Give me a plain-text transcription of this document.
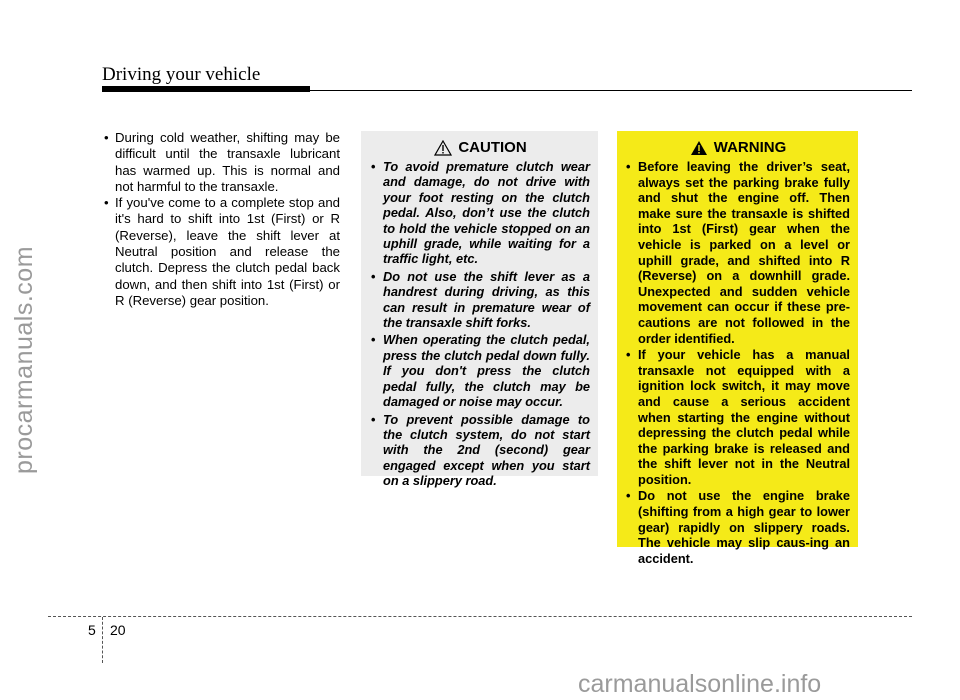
Driving your vehicle
procarmanuals.com
• During cold weather, shifting may be difficult until the transaxle lubricant has warmed up. This is normal and not harmful to the transaxle.
• If you've come to a complete stop and it's hard to shift into 1st (First) or R (Reverse), leave the shift lever at Neutral position and release the clutch. Depress the clutch pedal back down, and then shift into 1st (First) or R (Reverse) gear position.
CAUTION
• To avoid premature clutch wear and damage, do not drive with your foot resting on the clutch pedal. Also, don’t use the clutch to hold the vehicle stopped on an uphill grade, while waiting for a traffic light, etc.
• Do not use the shift lever as a handrest during driving, as this can result in premature wear of the transaxle shift forks.
• When operating the clutch pedal, press the clutch pedal down fully. If you don't press the clutch pedal fully, the clutch may be damaged or noise may occur.
• To prevent possible damage to the clutch system, do not start with the 2nd (second) gear engaged except when you start on a slippery road.
WARNING
• Before leaving the driver’s seat, always set the parking brake fully and shut the engine off. Then make sure the transaxle is shifted into 1st (First) gear when the vehicle is parked on a level or uphill grade, and shifted into R (Reverse) on a downhill grade. Unexpected and sudden vehicle movement can occur if these pre-cautions are not followed in the order identified.
• If your vehicle has a manual transaxle not equipped with a ignition lock switch, it may move and cause a serious accident when starting the engine without depressing the clutch pedal while the parking brake is released and the shift lever not in the Neutral position.
• Do not use the engine brake (shifting from a high gear to lower gear) rapidly on slippery roads. The vehicle may slip caus-ing an accident.
5 20
carmanualsonline.info
